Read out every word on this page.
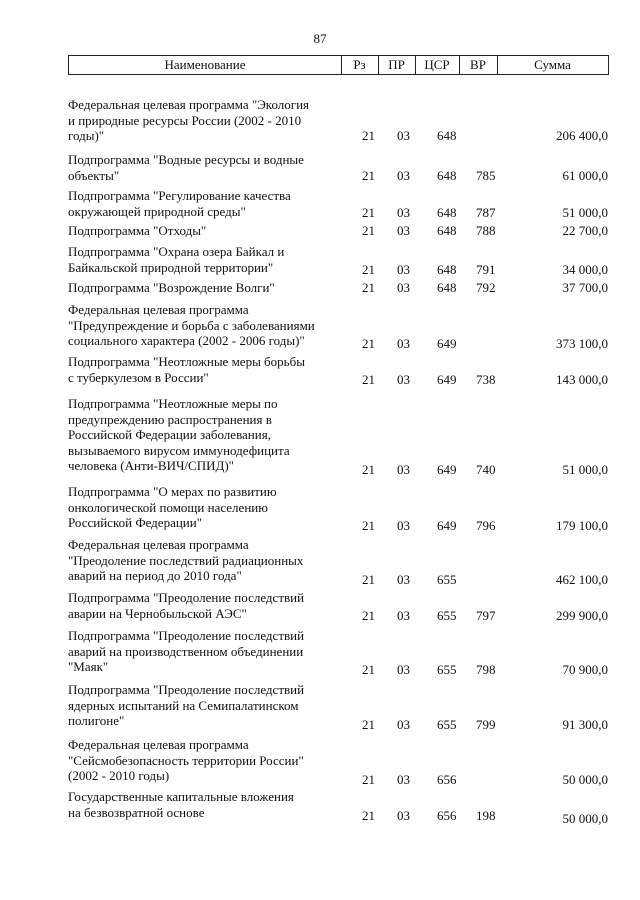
87
Наименование	Рз	ПР	ЦСР	ВР	Сумма
Федеральная целевая программа "Экология
и природные ресурсы России (2002 - 2010
годы)"	21 03 648	206 400,0
Подпрограмма "Водные ресурсы и водные
объекты"	21 03 648 785	61 000,0
Подпрограмма "Регулирование качества
окружающей природной среды"	21 03 648 787	51 000,0
Подпрограмма "Отходы"	21 03 648 788	22 700,0
Подпрограмма "Охрана озера Байкал и
Байкальской природной территории"	21 03 648 791	34 000,0
Подпрограмма "Возрождение Волги"	21 03 648 792	37 700,0
Федеральная целевая программа
"Предупреждение и борьба с заболеваниями
социального характера (2002 - 2006 годы)"	21 03 649	373 100,0
Подпрограмма "Неотложные меры борьбы
с туберкулезом в России"	21 03 649 738	143 000,0
Подпрограмма "Неотложные меры по
предупреждению распространения в
Российской Федерации заболевания,
вызываемого вирусом иммунодефицита
человека (Анти-ВИЧ/СПИД)"	21 03 649 740	51 000,0
Подпрограмма "О мерах по развитию
онкологической помощи населению
Российской Федерации"	21 03 649 796	179 100,0
Федеральная целевая программа
"Преодоление последствий радиационных
аварий на период до 2010 года"	21 03 655	462 100,0
Подпрограмма "Преодоление последствий
аварии на Чернобыльской АЭС"	21 03 655 797	299 900,0
Подпрограмма "Преодоление последствий
аварий на производственном объединении
"Маяк"	21 03 655 798	70 900,0
Подпрограмма "Преодоление последствий
ядерных испытаний на Семипалатинском
полигоне"	21 03 655 799	91 300,0
Федеральная целевая программа
"Сейсмобезопасность территории России"
(2002 - 2010 годы)	21 03 656	50 000,0
Государственные капитальные вложения
на безвозвратной основе	21 03 656 198	50 000,0
